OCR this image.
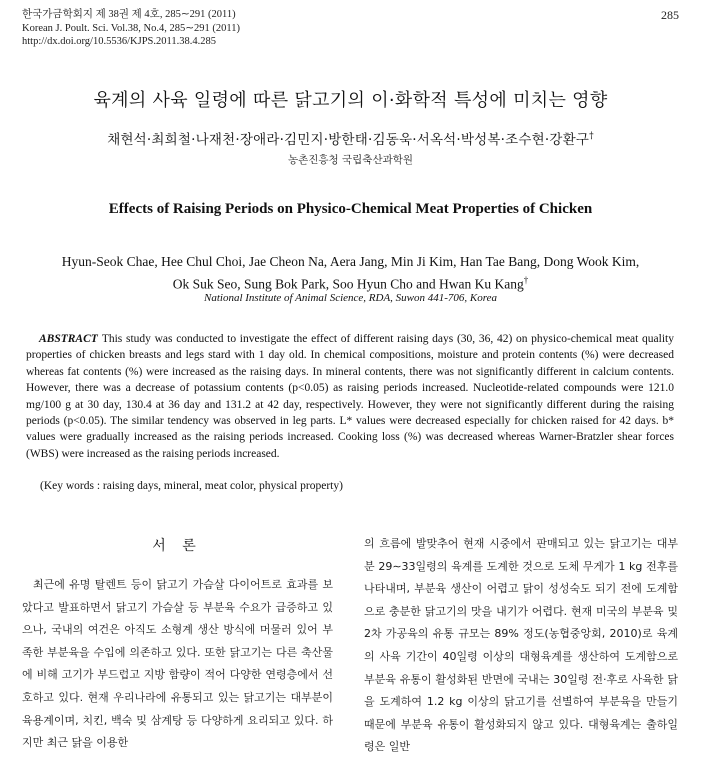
한국가금학회지 제 38권 제 4호, 285∼291 (2011)
Korean J. Poult. Sci. Vol.38, No.4, 285∼291 (2011)
http://dx.doi.org/10.5536/KJPS.2011.38.4.285
285
육계의 사육 일령에 따른 닭고기의 이·화학적 특성에 미치는 영향
채현석·최희철·나재천·장애라·김민지·방한태·김동욱·서옥석·박성복·조수현·강환구†
농촌진흥청 국립축산과학원
Effects of Raising Periods on Physico-Chemical Meat Properties of Chicken
Hyun-Seok Chae, Hee Chul Choi, Jae Cheon Na, Aera Jang, Min Ji Kim, Han Tae Bang, Dong Wook Kim,
Ok Suk Seo, Sung Bok Park, Soo Hyun Cho and Hwan Ku Kang†
National Institute of Animal Science, RDA, Suwon 441-706, Korea
ABSTRACT This study was conducted to investigate the effect of different raising days (30, 36, 42) on physico-chemical meat quality properties of chicken breasts and legs stard with 1 day old. In chemical compositions, moisture and protein contents (%) were decreased whereas fat contents (%) were increased as the raising days. In mineral contents, there was not significantly different in calcium contents. However, there was a decrease of potassium contents (p<0.05) as raising periods increased. Nucleotide-related compounds were 121.0 mg/100 g at 30 day, 130.4 at 36 day and 131.2 at 42 day, respectively. However, they were not significantly different during the raising periods (p<0.05). The similar tendency was observed in leg parts. L* values were decreased especially for chicken raised for 42 days. b* values were gradually increased as the raising periods increased. Cooking loss (%) was decreased whereas Warner-Bratzler shear forces (WBS) were increased as the raising periods increased.
(Key words : raising days, mineral, meat color, physical property)
서 론
최근에 유명 탈렌트 등이 닭고기 가슴살 다이어트로 효과를 보았다고 발표하면서 닭고기 가슴살 등 부분육 수요가 급증하고 있으나, 국내의 여건은 아직도 소형계 생산 방식에 머물러 있어 부족한 부분육을 수입에 의존하고 있다. 또한 닭고기는 다른 축산물에 비해 고기가 부드럽고 지방 함량이 적어 다양한 연령층에서 선호하고 있다. 현재 우리나라에 유통되고 있는 닭고기는 대부분이 육용계이며, 치킨, 백숙 및 삼계탕 등 다양하게 요리되고 있다. 하지만 최근 닭을 이용한
의 흐름에 발맞추어 현재 시중에서 판매되고 있는 닭고기는 대부분 29∼33일령의 육계를 도계한 것으로 도체 무게가 1 kg 전후를 나타내며, 부분육 생산이 어렵고 닭이 성성숙도 되기 전에 도계함으로 충분한 닭고기의 맛을 내기가 어렵다. 현재 미국의 부분육 및 2차 가공육의 유통 규모는 89% 정도(농협중앙회, 2010)로 육계의 사육 기간이 40일령 이상의 대형육계를 생산하여 도계함으로 부분육 유통이 활성화된 반면에 국내는 30일령 전·후로 사육한 닭을 도계하여 1.2 kg 이상의 닭고기를 선별하여 부분육을 만들기 때문에 부분육 유통이 활성화되지 않고 있다. 대형육계는 출하일령은 일반
